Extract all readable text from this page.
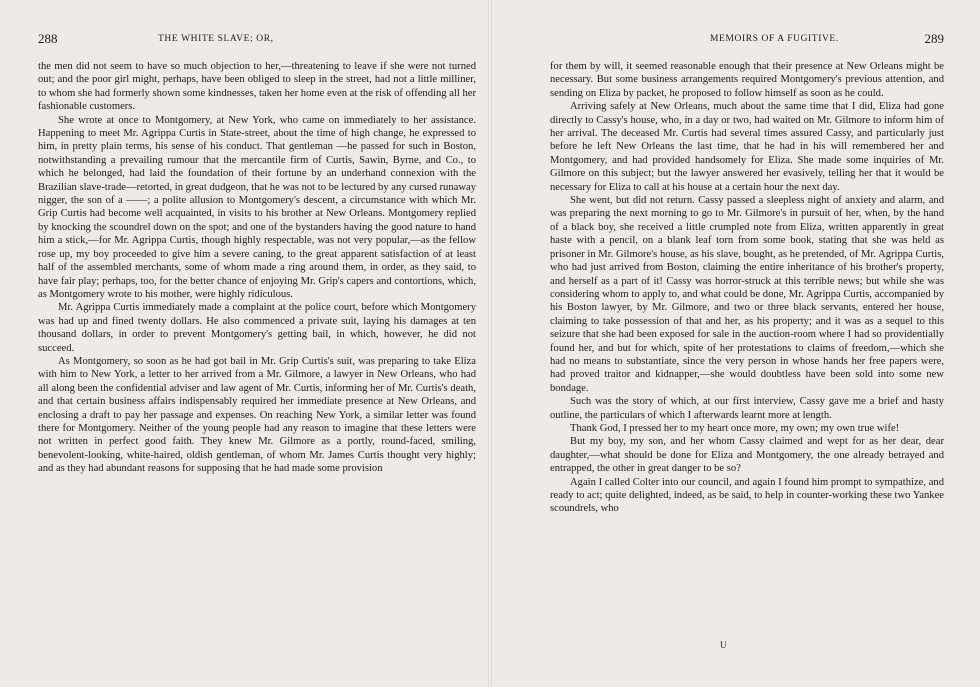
288	THE WHITE SLAVE; OR,

the men did not seem to have so much objection to her,—threatening to leave if she were not turned out; and the poor girl might, perhaps, have been obliged to sleep in the street, had not a little milliner, to whom she had formerly shown some kindnesses, taken her home even at the risk of offending all her fashionable customers.

She wrote at once to Montgomery, at New York, who came on immediately to her assistance. Happening to meet Mr. Agrippa Curtis in State-street, about the time of high change, he expressed to him, in pretty plain terms, his sense of his conduct. That gentleman —he passed for such in Boston, notwithstanding a prevailing rumour that the mercantile firm of Curtis, Sawin, Byrne, and Co., to which he belonged, had laid the foundation of their fortune by an underhand connexion with the Brazilian slave-trade—retorted, in great dudgeon, that he was not to be lectured by any cursed runaway nigger, the son of a ——; a polite allusion to Montgomery's descent, a circumstance with which Mr. Grip Curtis had become well acquainted, in visits to his brother at New Orleans. Montgomery replied by knocking the scoundrel down on the spot; and one of the bystanders having the good nature to hand him a stick,—for Mr. Agrippa Curtis, though highly respectable, was not very popular,—as the fellow rose up, my boy proceeded to give him a severe caning, to the great apparent satisfaction of at least half of the assembled merchants, some of whom made a ring around them, in order, as they said, to have fair play; perhaps, too, for the better chance of enjoying Mr. Grip's capers and contortions, which, as Montgomery wrote to his mother, were highly ridiculous.

Mr. Agrippa Curtis immediately made a complaint at the police court, before which Montgomery was had up and fined twenty dollars. He also commenced a private suit, laying his damages at ten thousand dollars, in order to prevent Montgomery's getting bail, in which, however, he did not succeed.

As Montgomery, so soon as he had got bail in Mr. Grip Curtis's suit, was preparing to take Eliza with him to New York, a letter to her arrived from a Mr. Gilmore, a lawyer in New Orleans, who had all along been the confidential adviser and law agent of Mr. Curtis, informing her of Mr. Curtis's death, and that certain business affairs indispensably required her immediate presence at New Orleans, and enclosing a draft to pay her passage and expenses. On reaching New York, a similar letter was found there for Montgomery. Neither of the young people had any reason to imagine that these letters were not written in perfect good faith. They knew Mr. Gilmore as a portly, round-faced, smiling, benevolent-looking, white-haired, oldish gentleman, of whom Mr. James Curtis thought very highly; and as they had abundant reasons for supposing that he had made some provision

MEMOIRS OF A FUGITIVE.	289

for them by will, it seemed reasonable enough that their presence at New Orleans might be necessary. But some business arrangements required Montgomery's previous attention, and sending on Eliza by packet, he proposed to follow himself as soon as he could.

Arriving safely at New Orleans, much about the same time that I did, Eliza had gone directly to Cassy's house, who, in a day or two, had waited on Mr. Gilmore to inform him of her arrival. The deceased Mr. Curtis had several times assured Cassy, and particularly just before he left New Orleans the last time, that he had in his will remembered her and Montgomery, and had provided handsomely for Eliza. She made some inquiries of Mr. Gilmore on this subject; but the lawyer answered her evasively, telling her that it would be necessary for Eliza to call at his house at a certain hour the next day.

She went, but did not return. Cassy passed a sleepless night of anxiety and alarm, and was preparing the next morning to go to Mr. Gilmore's in pursuit of her, when, by the hand of a black boy, she received a little crumpled note from Eliza, written apparently in great haste with a pencil, on a blank leaf torn from some book, stating that she was held as prisoner in Mr. Gilmore's house, as his slave, bought, as he pretended, of Mr. Agrippa Curtis, who had just arrived from Boston, claiming the entire inheritance of his brother's property, and herself as a part of it! Cassy was horror-struck at this terrible news; but while she was considering whom to apply to, and what could be done, Mr. Agrippa Curtis, accompanied by his Boston lawyer, by Mr. Gilmore, and two or three black servants, entered her house, claiming to take possession of that and her, as his property; and it was as a sequel to this seizure that she had been exposed for sale in the auction-room where I had so providentially found her, and but for which, spite of her protestations to claims of freedom,—which she had no means to substantiate, since the very person in whose hands her free papers were, had proved traitor and kidnapper,—she would doubtless have been sold into some new bondage.

Such was the story of which, at our first interview, Cassy gave me a brief and hasty outline, the particulars of which I afterwards learnt more at length.

Thank God, I pressed her to my heart once more, my own; my own true wife!

But my boy, my son, and her whom Cassy claimed and wept for as her dear, dear daughter,—what should be done for Eliza and Montgomery, the one already betrayed and entrapped, the other in great danger to be so?

Again I called Colter into our council, and again I found him prompt to sympathize, and ready to act; quite delighted, indeed, as be said, to help in counter-working these two Yankee scoundrels, who

U
